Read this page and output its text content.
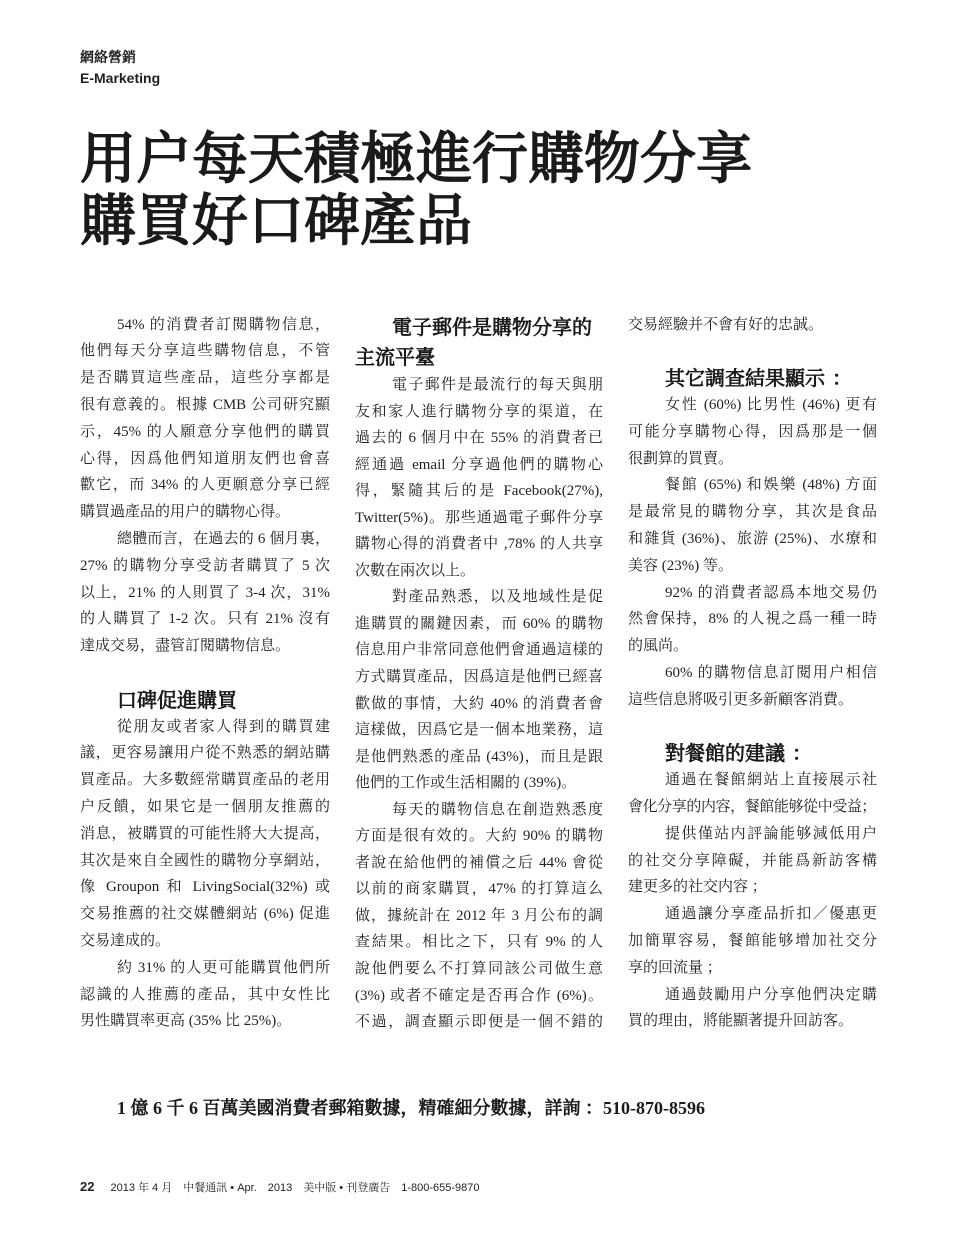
網絡營銷
E-Marketing
用户每天積極進行購物分享
購買好口碑產品
54% 的消費者訂閱購物信息，
他們每天分享這些購物信息，不管
是否購買這些產品，這些分享都是
很有意義的。根據 CMB 公司研究顯
示，45% 的人願意分享他們的購買
心得，因爲他們知道朋友們也會喜
歡它，而 34% 的人更願意分享已經
購買過產品的用户的購物心得。
總體而言，在過去的 6 個月裏，
27% 的購物分享受訪者購買了 5 次
以上，21% 的人則買了 3-4 次，31%
的人購買了 1-2 次。只有 21% 沒有
達成交易，盡管訂閱購物信息。
口碑促進購買
從朋友或者家人得到的購買建
議，更容易讓用户從不熟悉的網站購
買產品。大多數經常購買產品的老用
户反饋，如果它是一個朋友推薦的
消息，被購買的可能性將大大提高，
其次是來自全國性的購物分享網站，
像 Groupon 和 LivingSocial(32%) 或
交易推薦的社交媒體網站 (6%) 促進
交易達成的。
約 31% 的人更可能購買他們所
認識的人推薦的產品，其中女性比
男性購買率更高 (35% 比 25%)。
電子郵件是購物分享的
主流平臺
電子郵件是最流行的每天與朋
友和家人進行購物分享的渠道，在
過去的 6 個月中在 55% 的消費者已
經通過 email 分享過他們的購物心
得，緊隨其后的是 Facebook(27%),
Twitter(5%)。那些通過電子郵件分享
購物心得的消費者中 ,78% 的人共享
次數在兩次以上。
對產品熟悉，以及地域性是促
進購買的關鍵因素，而 60% 的購物
信息用户非常同意他們會通過這樣的
方式購買產品，因爲這是他們已經喜
歡做的事情，大約 40% 的消費者會
這樣做，因爲它是一個本地業務，這
是他們熟悉的產品 (43%)，而且是跟
他們的工作或生活相關的 (39%)。
每天的購物信息在創造熟悉度
方面是很有效的。大約 90% 的購物
者說在給他們的補償之后 44% 會從
以前的商家購買，47% 的打算這么
做，據統計在 2012 年 3 月公布的調
查結果。相比之下，只有 9% 的人
說他們要么不打算同該公司做生意
(3%) 或者不確定是否再合作 (6%)。
不過，調查顯示即便是一個不錯的
交易經驗并不會有好的忠誠。
其它調查結果顯示 ：
女性 (60%) 比男性 (46%) 更有
可能分享購物心得，因爲那是一個
很劃算的買賣。
餐館 (65%) 和娛樂 (48%) 方面
是最常見的購物分享，其次是食品
和雜貨 (36%)、旅游 (25%)、水療和
美容 (23%) 等。
92% 的消費者認爲本地交易仍
然會保持，8% 的人視之爲一種一時
的風尚。
60% 的購物信息訂閱用户相信
這些信息將吸引更多新顧客消費。
對餐館的建議 ：
通過在餐館網站上直接展示社
會化分享的内容，餐館能够從中受益；
提供僅站内評論能够減低用户
的社交分享障礙，并能爲新訪客構
建更多的社交内容 ；
通過讓分享產品折扣／優惠更
加簡單容易，餐館能够增加社交分
享的回流量 ；
通過鼓勵用户分享他們决定購
買的理由，將能顯著提升回訪客。
1 億 6 千 6 百萬美國消費者郵箱數據，精確細分數據，詳詢 ：510-870-8596
22 2013 年 4 月 中餐通訊 • Apr. 2013 美中版 • 刊登廣告 1-800-655-9870
